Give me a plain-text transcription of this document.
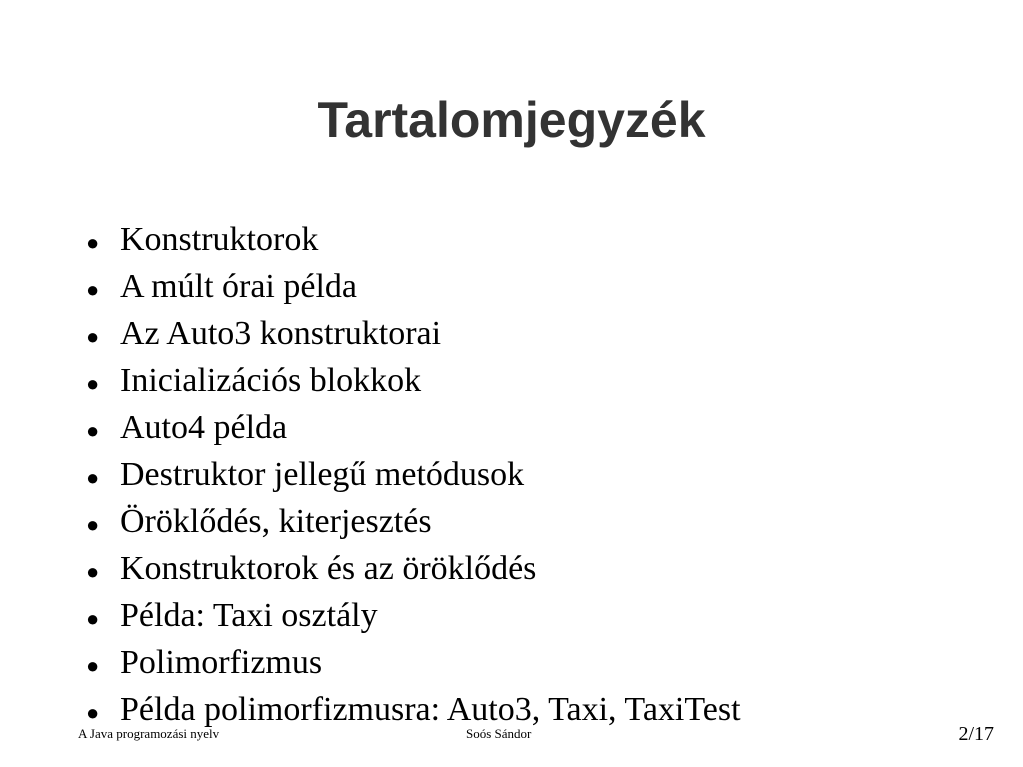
Tartalomjegyzék
● Konstruktorok
● A múlt órai példa
● Az Auto3 konstruktorai
● Inicializációs blokkok
● Auto4 példa
● Destruktor jellegű metódusok
● Öröklődés, kiterjesztés
● Konstruktorok és az öröklődés
● Példa: Taxi osztály
● Polimorfizmus
● Példa polimorfizmusra: Auto3, Taxi, TaxiTest
A Java programozási nyelv	Soós Sándor	2/17
